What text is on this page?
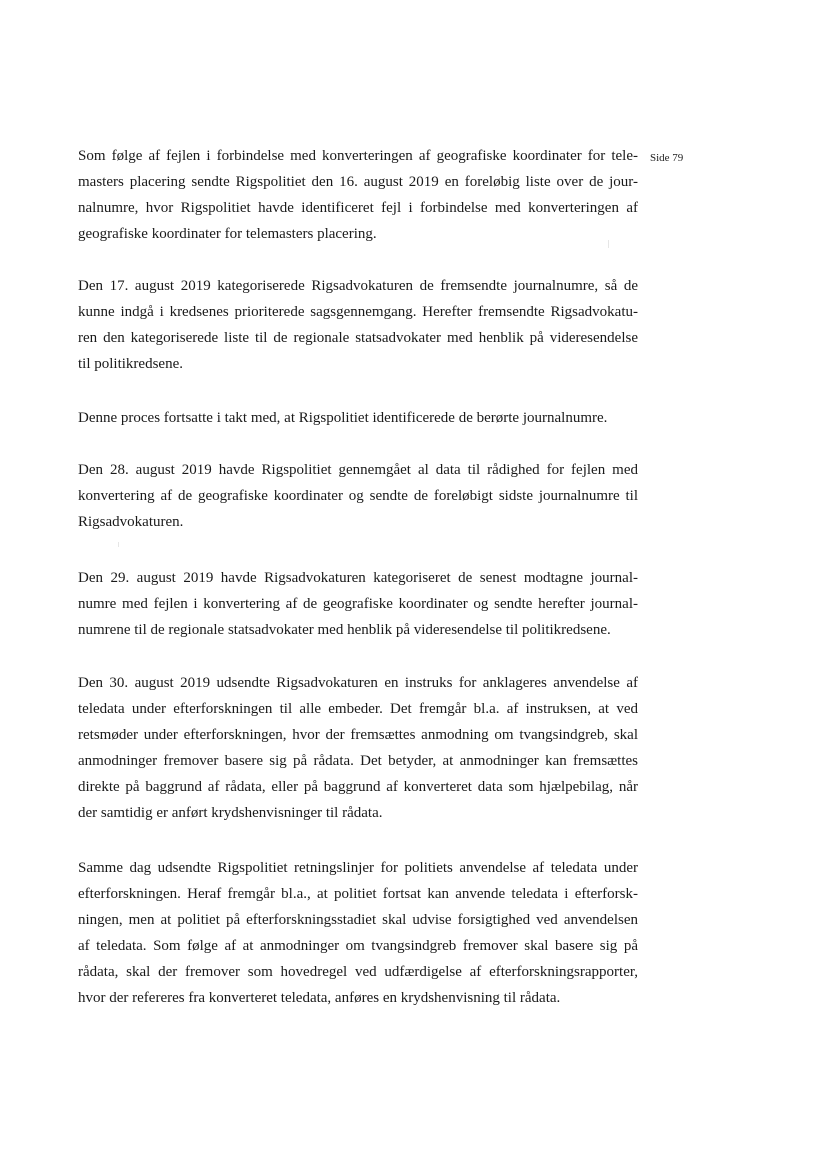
Side 79
Som følge af fejlen i forbindelse med konverteringen af geografiske koordinater for tele-
masters placering sendte Rigspolitiet den 16. august 2019 en foreløbig liste over de jour-
nalnumre, hvor Rigspolitiet havde identificeret fejl i forbindelse med konverteringen af
geografiske koordinater for telemasters placering.
Den 17. august 2019 kategoriserede Rigsadvokaturen de fremsendte journalnumre, så de
kunne indgå i kredsenes prioriterede sagsgennemgang. Herefter fremsendte Rigsadvokatu-
ren den kategoriserede liste til de regionale statsadvokater med henblik på videresendelse
til politikredsene.
Denne proces fortsatte i takt med, at Rigspolitiet identificerede de berørte journalnumre.
Den 28. august 2019 havde Rigspolitiet gennemgået al data til rådighed for fejlen med
konvertering af de geografiske koordinater og sendte de foreløbigt sidste journalnumre til
Rigsadvokaturen.
Den 29. august 2019 havde Rigsadvokaturen kategoriseret de senest modtagne journal-
numre med fejlen i konvertering af de geografiske koordinater og sendte herefter journal-
numrene til de regionale statsadvokater med henblik på videresendelse til politikredsene.
Den 30. august 2019 udsendte Rigsadvokaturen en instruks for anklageres anvendelse af
teledata under efterforskningen til alle embeder. Det fremgår bl.a. af instruksen, at ved
retsmøder under efterforskningen, hvor der fremsættes anmodning om tvangsindgreb, skal
anmodninger fremover basere sig på rådata. Det betyder, at anmodninger kan fremsættes
direkte på baggrund af rådata, eller på baggrund af konverteret data som hjælpebilag, når
der samtidig er anført krydshenvisninger til rådata.
Samme dag udsendte Rigspolitiet retningslinjer for politiets anvendelse af teledata under
efterforskningen. Heraf fremgår bl.a., at politiet fortsat kan anvende teledata i efterforsk-
ningen, men at politiet på efterforskningsstadiet skal udvise forsigtighed ved anvendelsen
af teledata. Som følge af at anmodninger om tvangsindgreb fremover skal basere sig på
rådata, skal der fremover som hovedregel ved udfærdigelse af efterforskningsrapporter,
hvor der refereres fra konverteret teledata, anføres en krydshenvisning til rådata.
